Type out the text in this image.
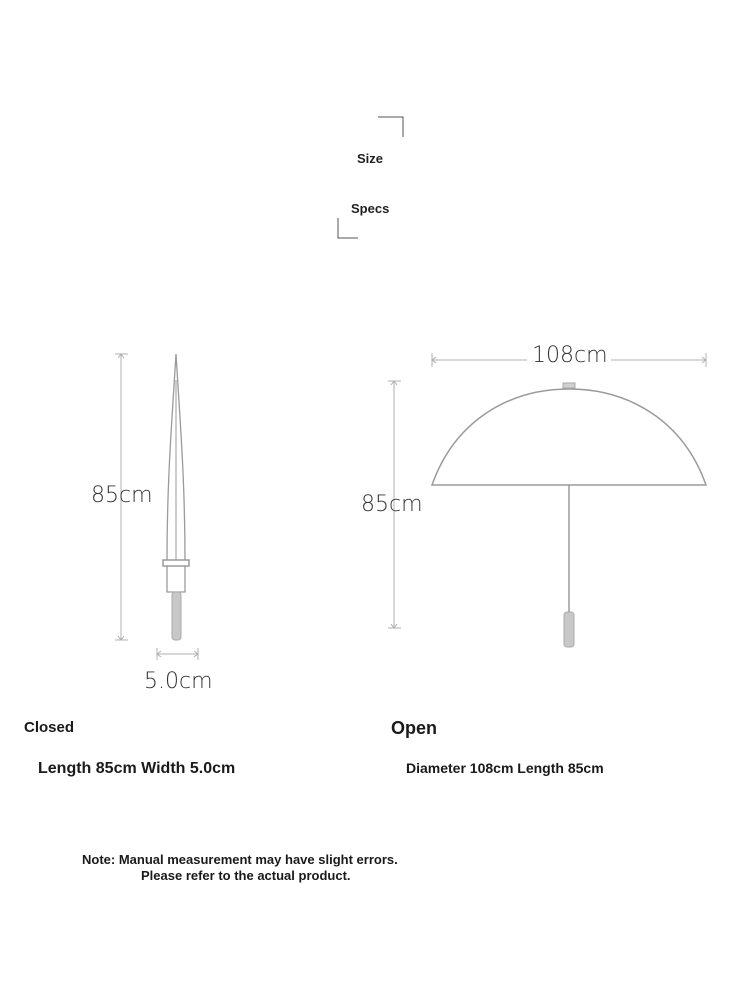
Size
Specs
85cm
5.0cm
108cm
85cm
Closed
Length 85cm Width 5.0cm
Open
Diameter 108cm Length 85cm
Note: Manual measurement may have slight errors.
Please refer to the actual product.
